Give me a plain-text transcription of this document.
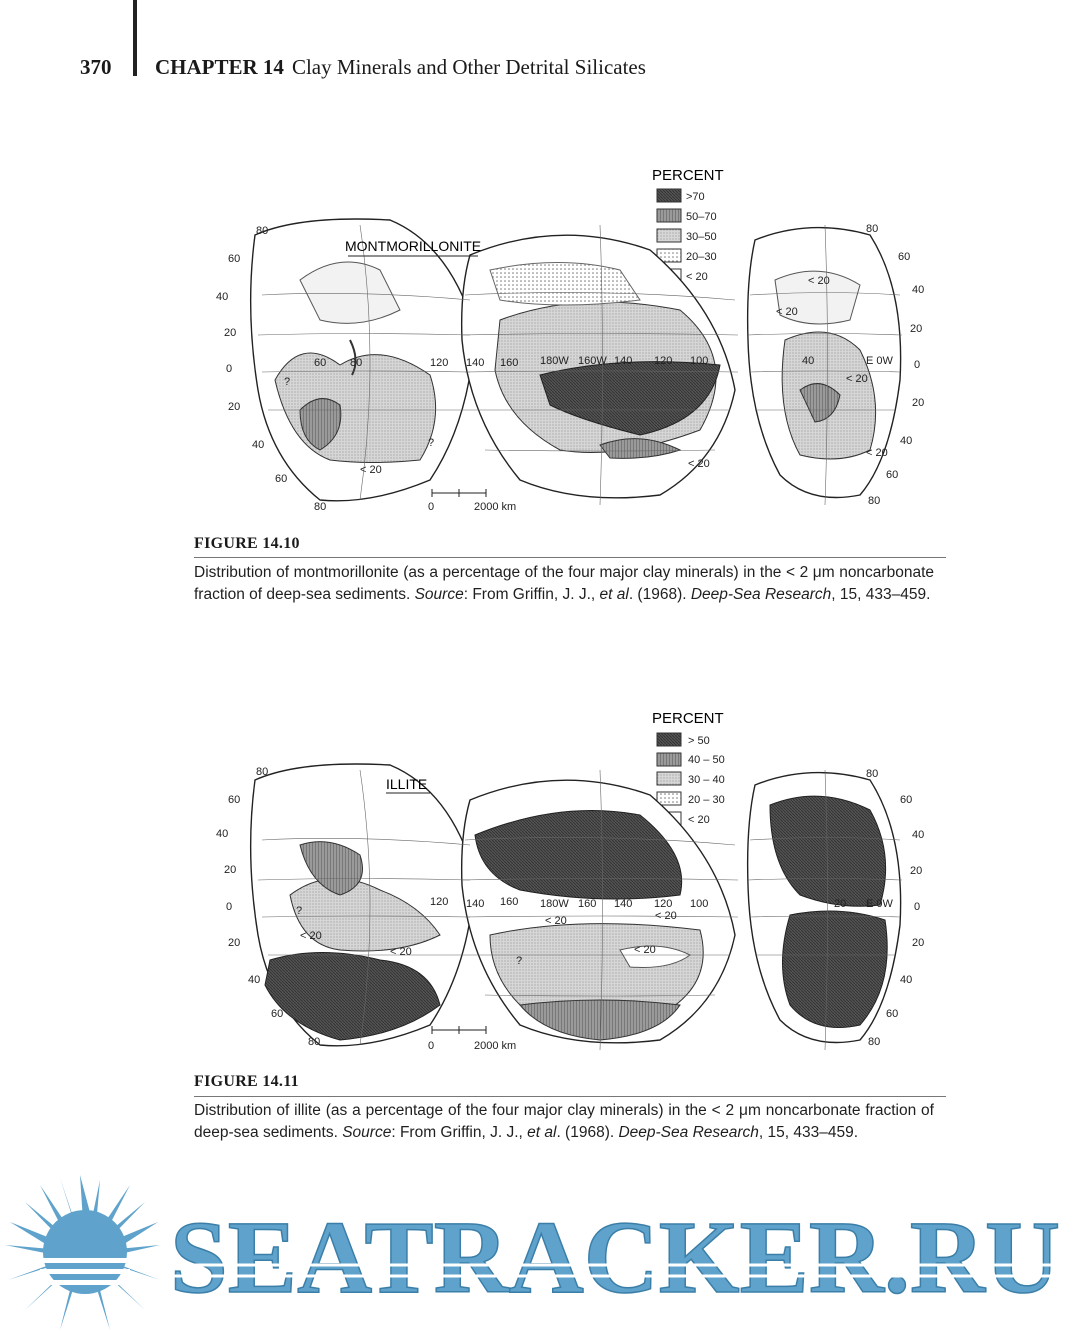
370 CHAPTER 14 Clay Minerals and Other Detrital Silicates
PERCENT
>70
50–70
30–50
20–30
< 20
MONTMORILLONITE
80
60
40
20
0
20
40
60
80
80
60
40
20
0
20
40
60
80
60 80	120 140 160 180W 160W 140 120 100	40	E 0W
< 20
< 20
< 20
< 20
< 20
< 20
?
?
0	2000 km
FIGURE 14.10
Distribution of montmorillonite (as a percentage of the four major clay minerals) in the < 2 μm noncarbonate fraction of deep-sea sediments. Source: From Griffin, J. J., et al. (1968). Deep-Sea Research, 15, 433–459.
PERCENT
> 50
40 – 50
30 – 40
20 – 30
< 20
ILLITE
80
60
40
20
0
20
40
60
80
80
60
40
20
0
20
40
60
80
120 140 160 180W 160 140 120 100	20 E 0W
< 20
< 20
< 20	< 20
< 20
?
?
0	2000 km
FIGURE 14.11
Distribution of illite (as a percentage of the four major clay minerals) in the < 2 μm noncarbonate fraction of deep-sea sediments. Source: From Griffin, J. J., et al. (1968). Deep-Sea Research, 15, 433–459.
SEATRACKER.RU
